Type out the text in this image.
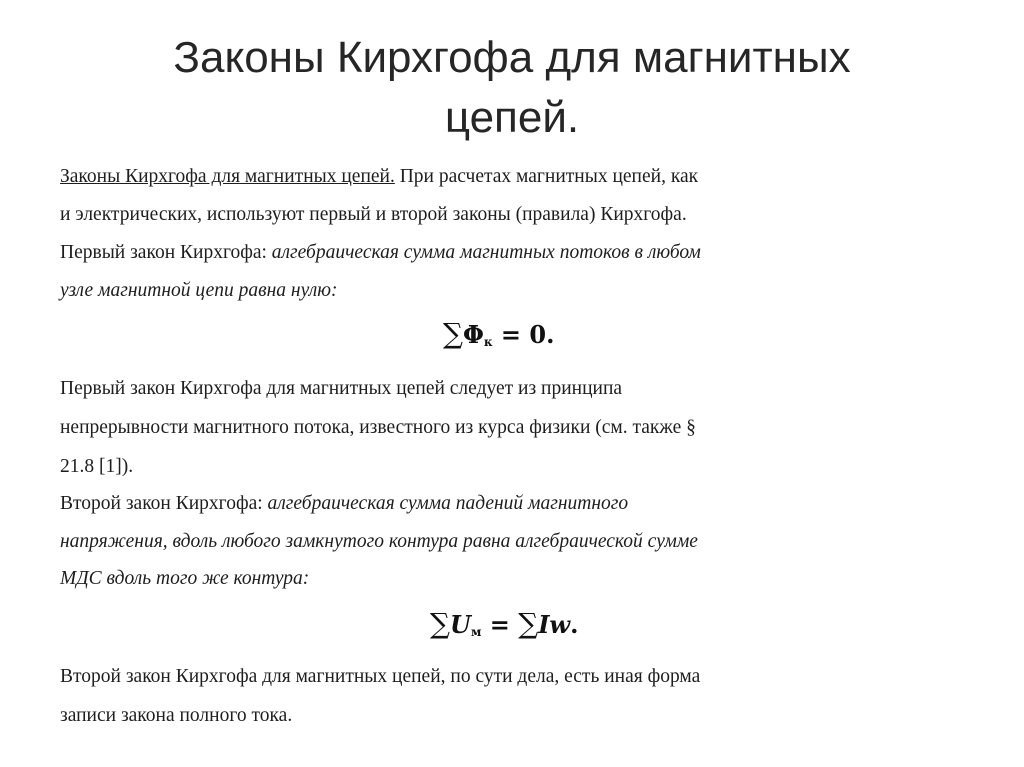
Законы Кирхгофа для магнитных
цепей.
Законы Кирхгофа для магнитных цепей. При расчетах магнитных цепей, как
и электрических, используют первый и второй законы (правила) Кирхгофа.
Первый закон Кирхгофа: алгебраическая сумма магнитных потоков в любом
узле магнитной цепи равна нулю:
$\sum\Phi_к = 0$.
Первый закон Кирхгофа для магнитных цепей следует из принципа
непрерывности магнитного потока, известного из курса физики (см. также §
21.8 [1]).
Второй закон Кирхгофа: алгебраическая сумма падений магнитного
напряжения, вдоль любого замкнутого контура равна алгебраической сумме
МДС вдоль того же контура:
$\sum U_м = \sum Iw$.
Второй закон Кирхгофа для магнитных цепей, по сути дела, есть иная форма
записи закона полного тока.
